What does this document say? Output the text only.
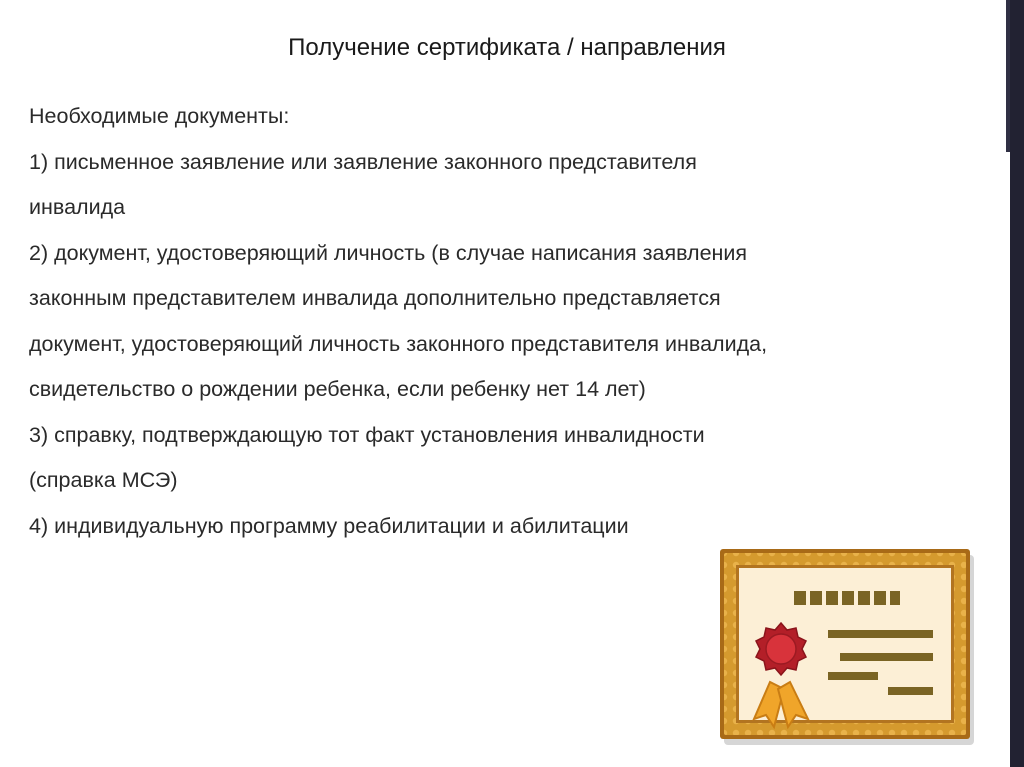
Получение сертификата / направления
Необходимые документы:
1) письменное заявление или заявление законного представителя
инвалида
2) документ, удостоверяющий личность (в случае написания заявления
законным представителем инвалида дополнительно представляется
документ, удостоверяющий личность законного представителя инвалида,
свидетельство о рождении ребенка, если ребенку нет 14 лет)
3) справку, подтверждающую тот факт установления инвалидности
(справка МСЭ)
4) индивидуальную программу реабилитации и абилитации
